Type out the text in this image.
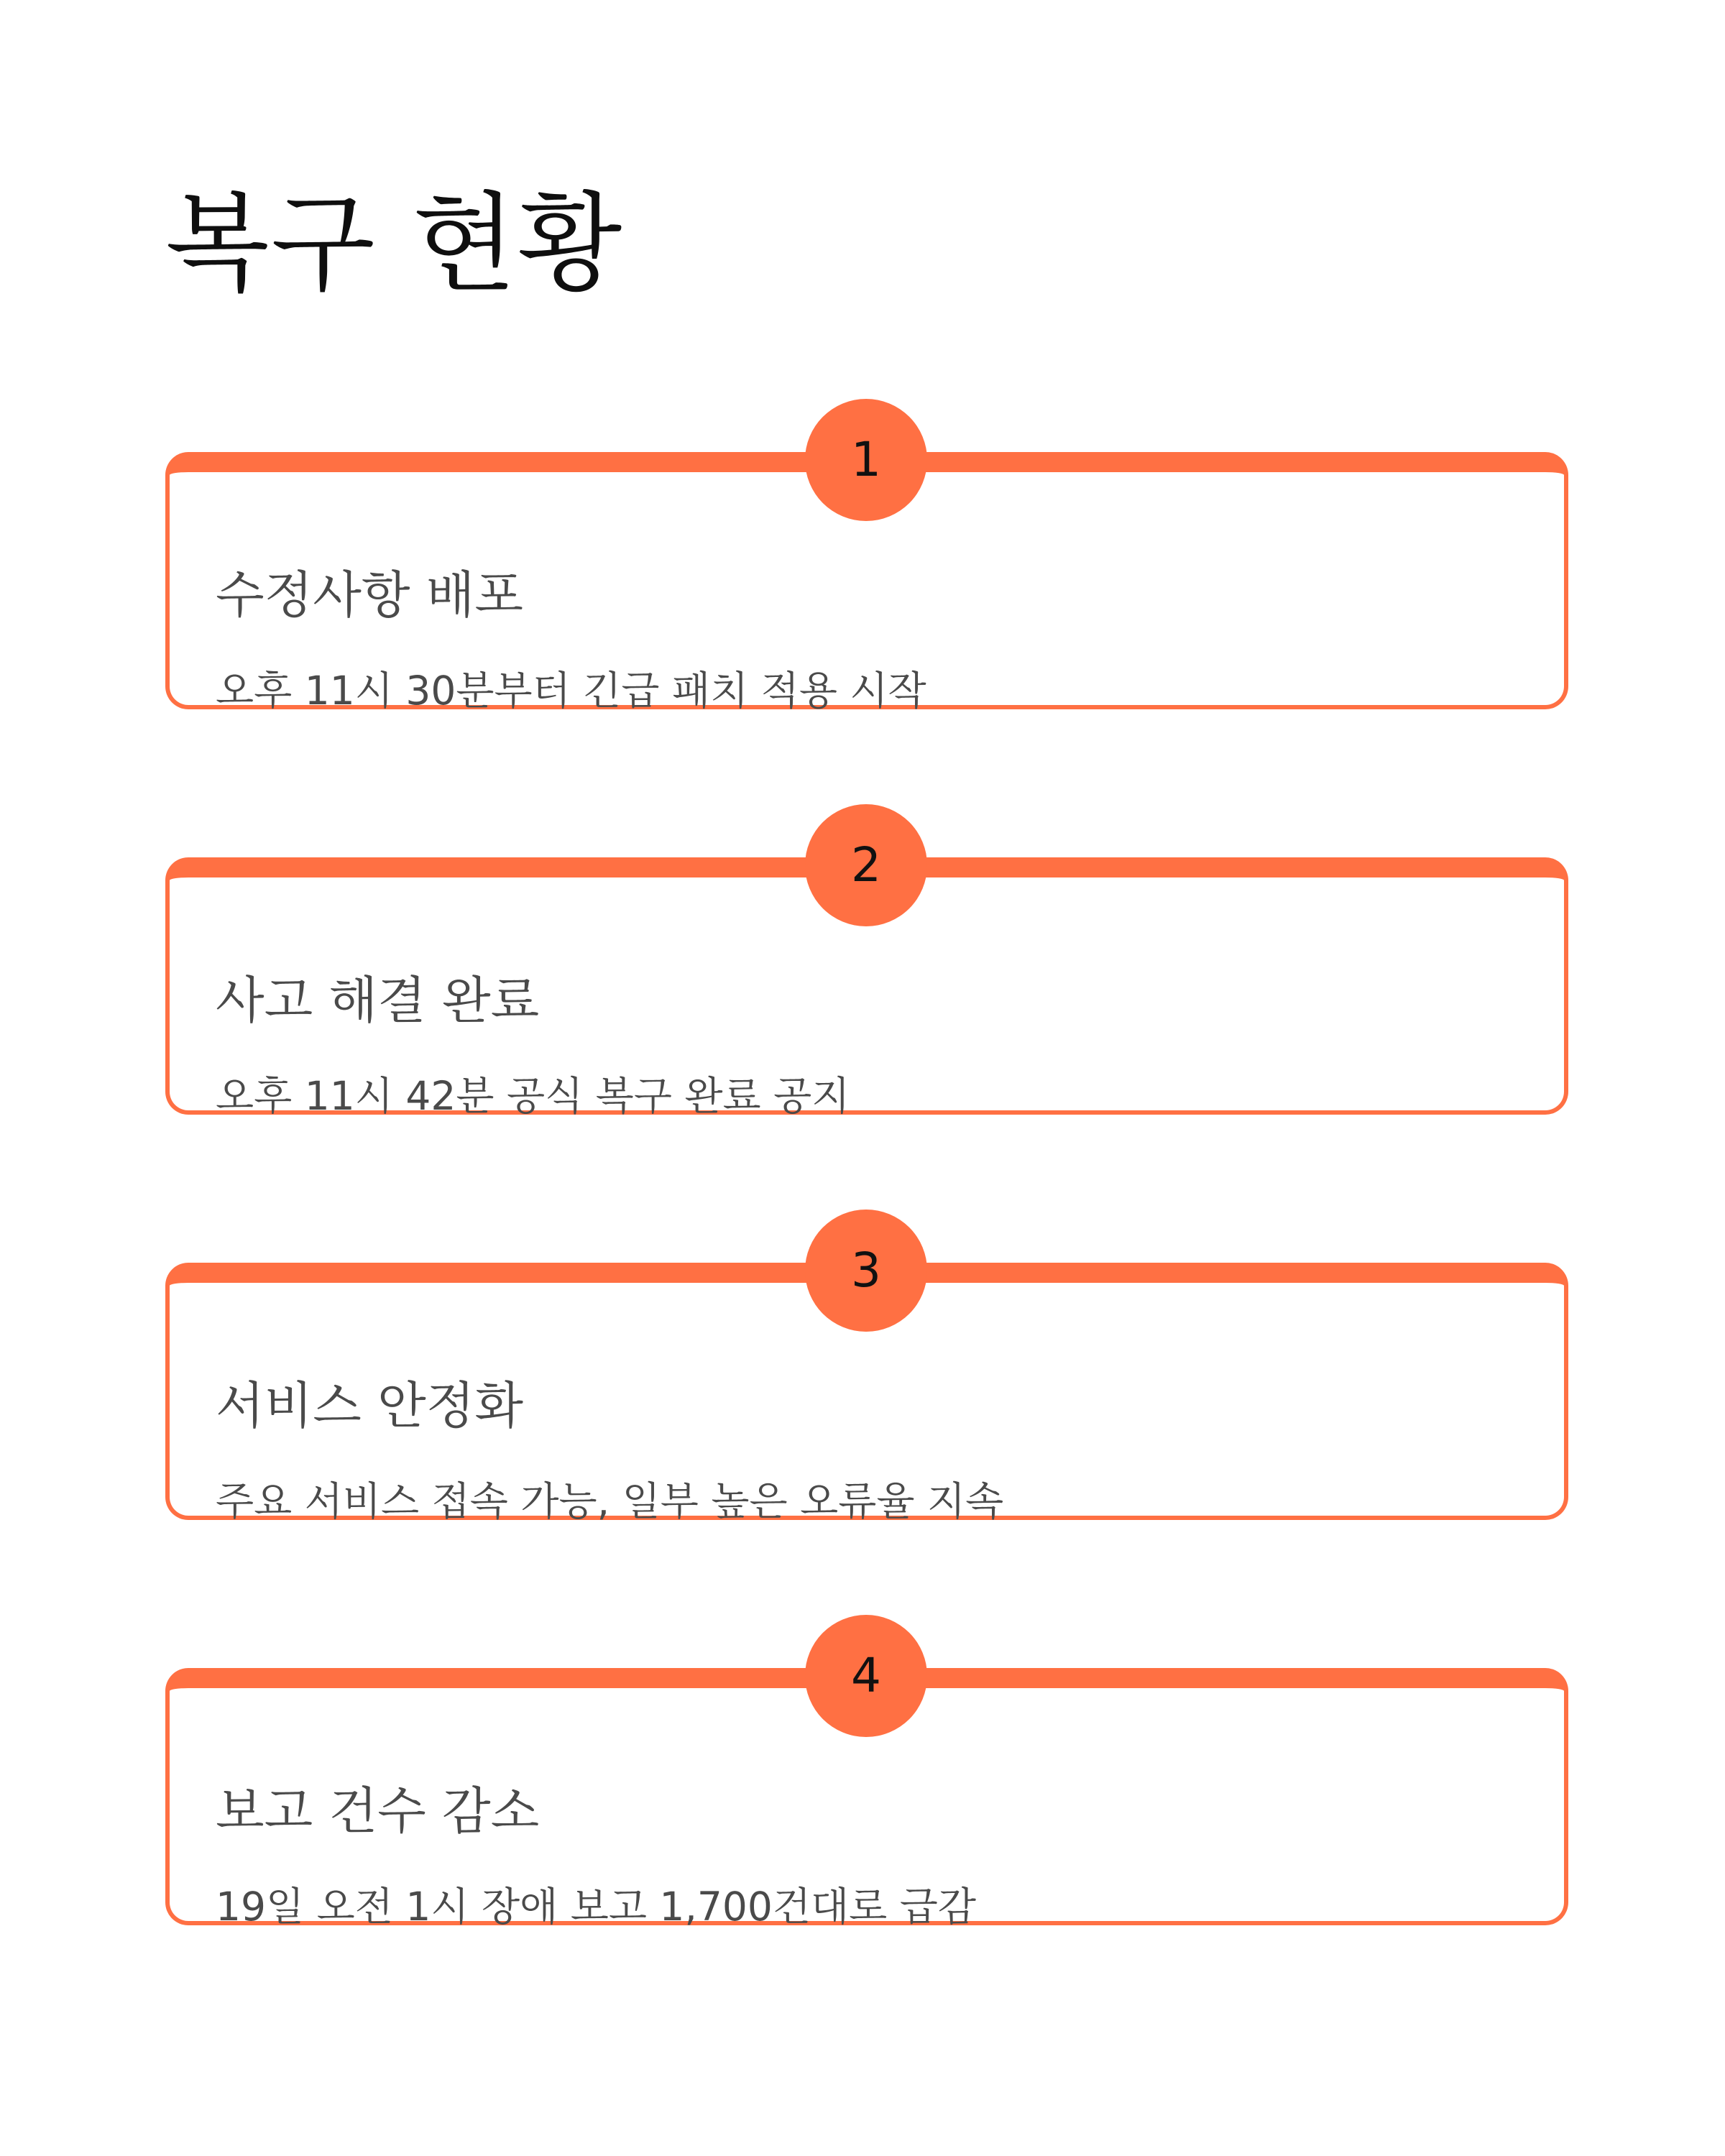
복구 현황

수정사항 배포

오후 11시 30분부터 긴급 패치 적용 시작

1

사고 해결 완료

오후 11시 42분 공식 복구 완료 공지

2

서비스 안정화

주요 서비스 접속 가능, 일부 높은 오류율 지속

3

보고 건수 감소

19일 오전 1시 장애 보고 1,700건대로 급감

4
